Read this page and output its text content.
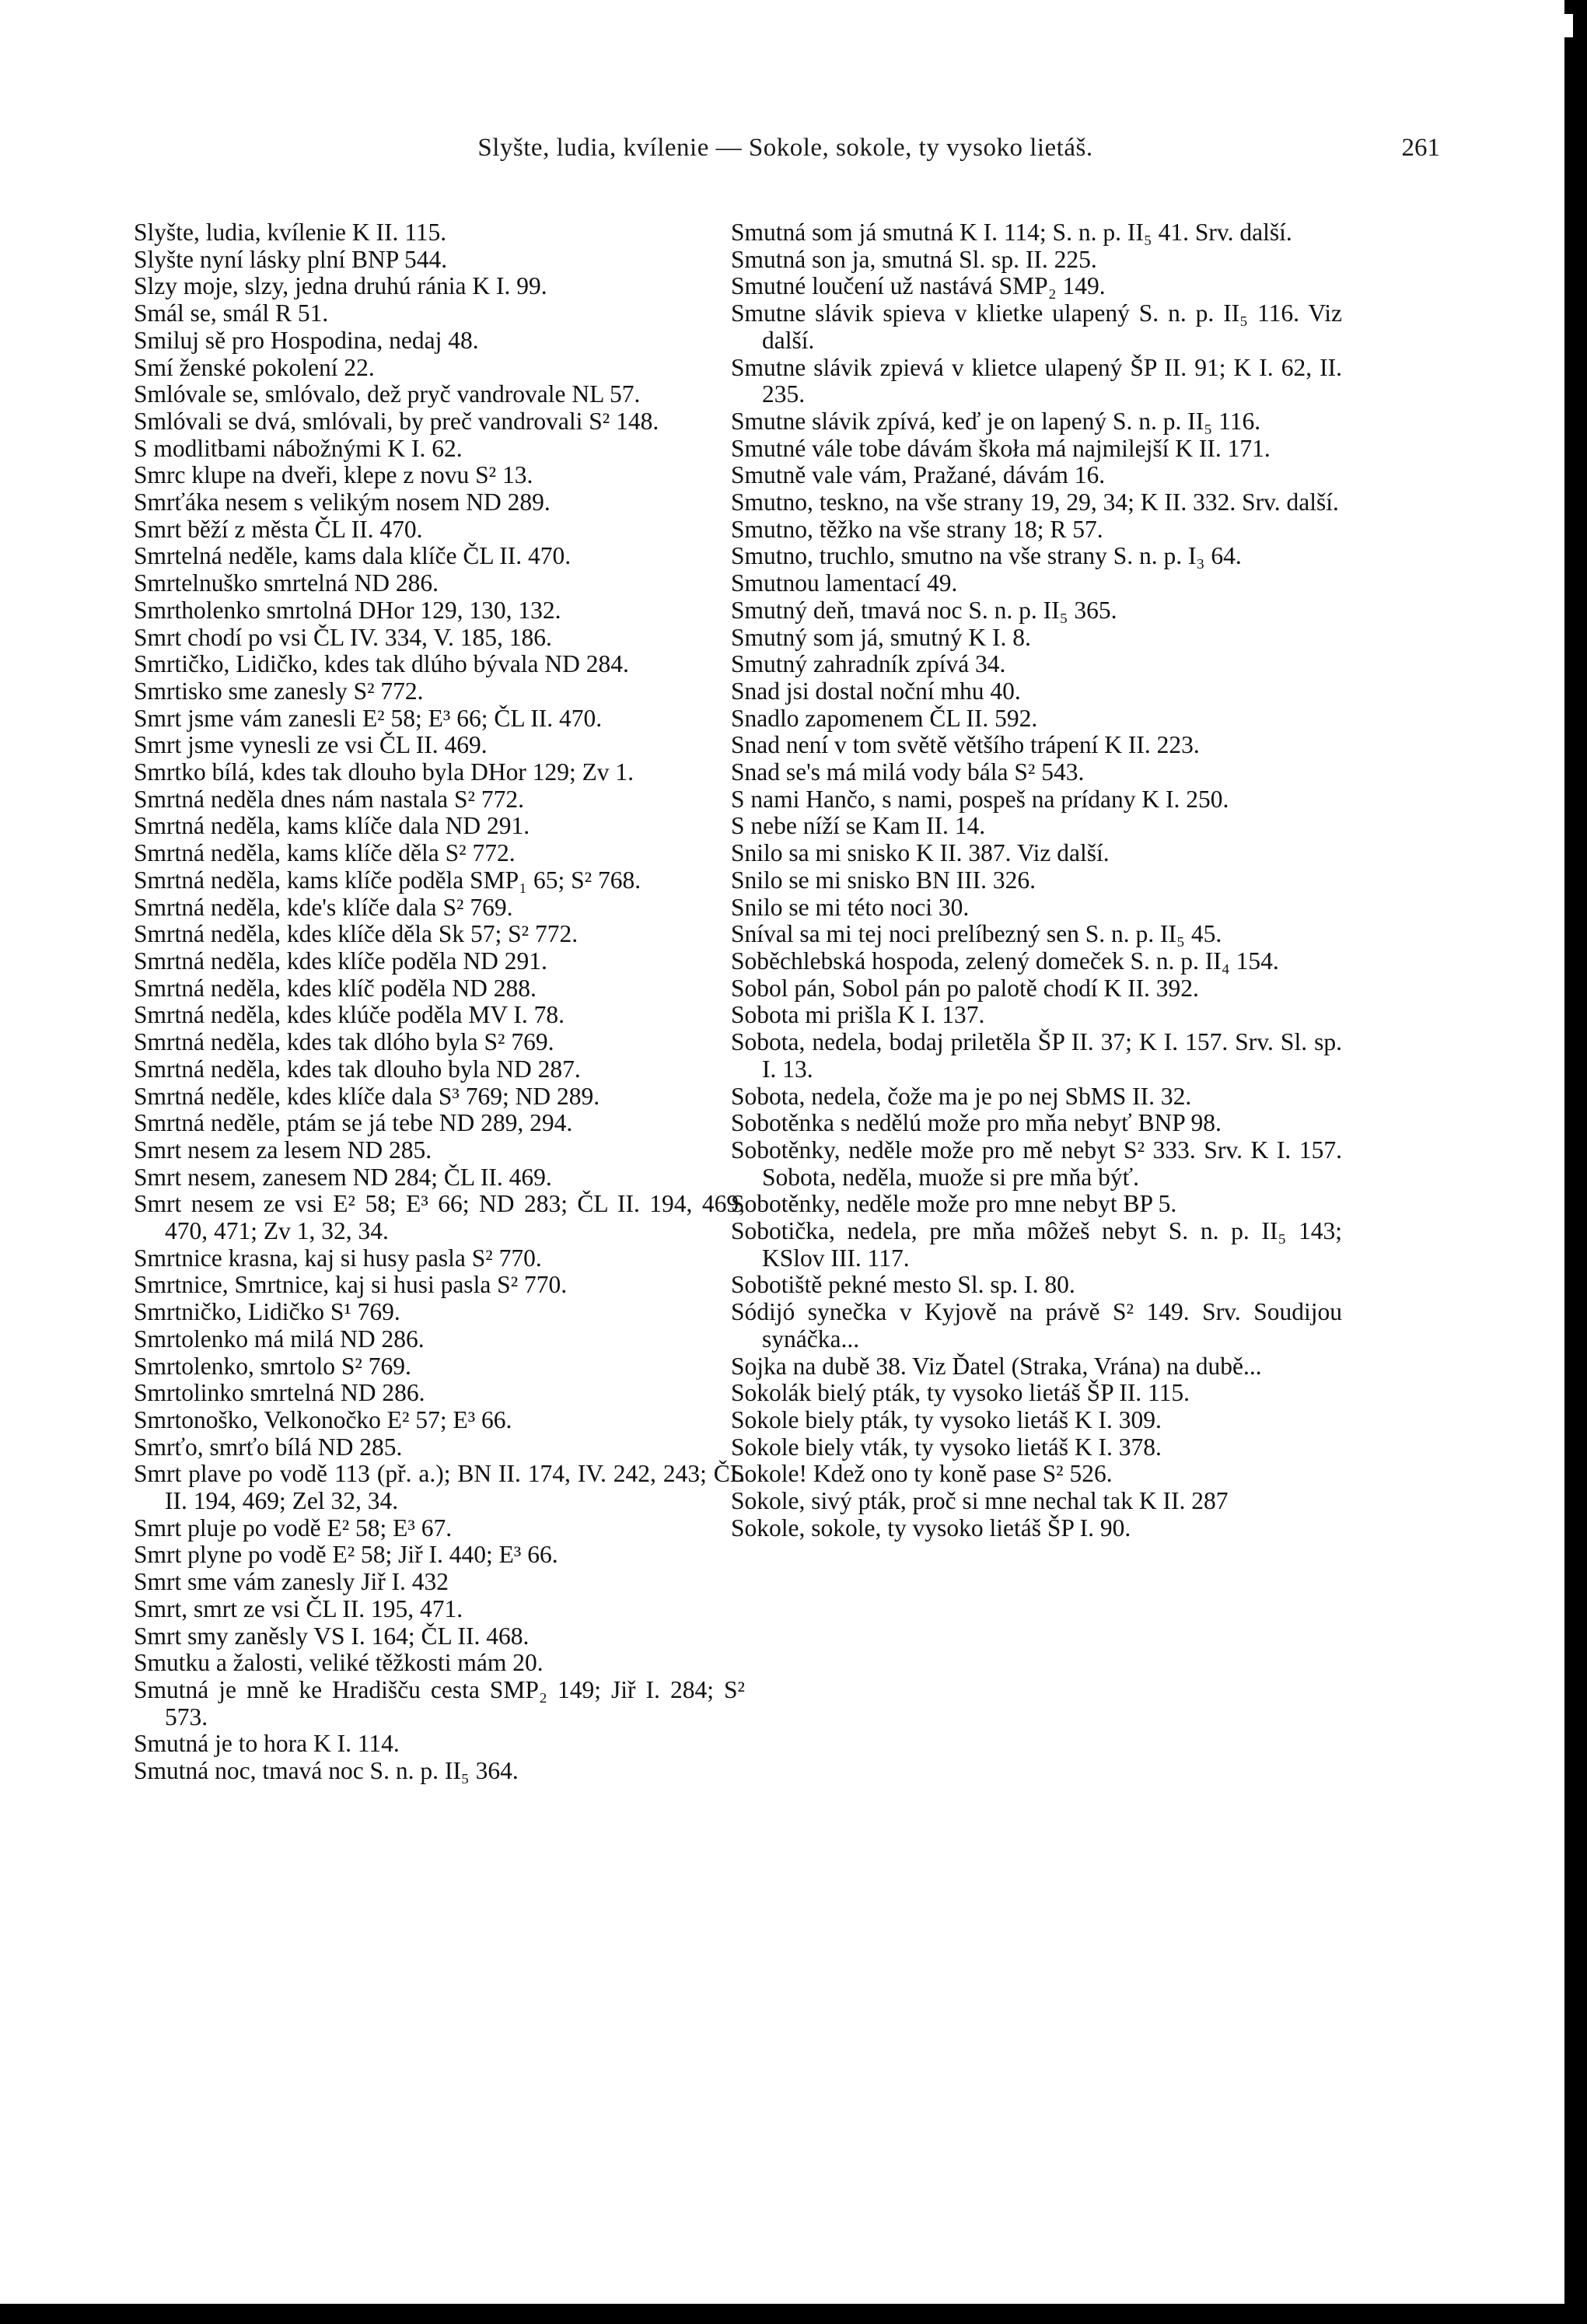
Slyšte, ludia, kvílenie — Sokole, sokole, ty vysoko lietáš.	261
Slyšte, ludia, kvílenie K II. 115.
Slyšte nyní lásky plní BNP 544.
Slzy moje, slzy, jedna druhú ránia K I. 99.
Smál se, smál R 51.
Smiluj sě pro Hospodina, nedaj 48.
Smí ženské pokolení 22.
Smlóvale se, smlóvalo, dež pryč vandrovale NL 57.
Smlóvali se dvá, smlóvali, by preč vandrovali S² 148.
S modlitbami nábožnými K I. 62.
Smrc klupe na dveři, klepe z novu S² 13.
Smrťáka nesem s velikým nosem ND 289.
Smrt běží z města ČL II. 470.
Smrtelná neděle, kams dala klíče ČL II. 470.
Smrtelnuško smrtelná ND 286.
Smrtholenko smrtolná DHor 129, 130, 132.
Smrt chodí po vsi ČL IV. 334, V. 185, 186.
Smrtičko, Lidičko, kdes tak dlúho bývala ND 284.
Smrtisko sme zanesly S² 772.
Smrt jsme vám zanesli E² 58; E³ 66; ČL II. 470.
Smrt jsme vynesli ze vsi ČL II. 469.
Smrtko bílá, kdes tak dlouho byla DHor 129; Zv 1.
Smrtná neděla dnes nám nastala S² 772.
Smrtná neděla, kams klíče dala ND 291.
Smrtná neděla, kams klíče děla S² 772.
Smrtná neděla, kams klíče poděla SMP₁ 65; S² 768.
Smrtná neděla, kde's klíče dala S² 769.
Smrtná neděla, kdes klíče děla Sk 57; S² 772.
Smrtná neděla, kdes klíče poděla ND 291.
Smrtná neděla, kdes klíč poděla ND 288.
Smrtná neděla, kdes klúče poděla MV I. 78.
Smrtná neděla, kdes tak dlóho byla S² 769.
Smrtná neděla, kdes tak dlouho byla ND 287.
Smrtná neděle, kdes klíče dala S³ 769; ND 289.
Smrtná neděle, ptám se já tebe ND 289, 294.
Smrt nesem za lesem ND 285.
Smrt nesem, zanesem ND 284; ČL II. 469.
Smrt nesem ze vsi E² 58; E³ 66; ND 283; ČL II. 194, 469, 470, 471; Zv 1, 32, 34.
Smrtnice krasna, kaj si husy pasla S² 770.
Smrtnice, Smrtnice, kaj si husi pasla S² 770.
Smrtničko, Lidičko S¹ 769.
Smrtolenko má milá ND 286.
Smrtolenko, smrtolo S² 769.
Smrtolinko smrtelná ND 286.
Smrtonoško, Velkonočko E² 57; E³ 66.
Smrťo, smrťo bílá ND 285.
Smrt plave po vodě 113 (př. a.); BN II. 174, IV. 242, 243; ČL II. 194, 469; Zel 32, 34.
Smrt pluje po vodě E² 58; E³ 67.
Smrt plyne po vodě E² 58; Jiř I. 440; E³ 66.
Smrt sme vám zanesly Jiř I. 432
Smrt, smrt ze vsi ČL II. 195, 471.
Smrt smy zaněsly VS I. 164; ČL II. 468.
Smutku a žalosti, veliké těžkosti mám 20.
Smutná je mně ke Hradišču cesta SMP₂ 149; Jiř I. 284; S² 573.
Smutná je to hora K I. 114.
Smutná noc, tmavá noc S. n. p. II₅ 364.
Smutná som já smutná K I. 114; S. n. p. II₅ 41. Srv. další.
Smutná son ja, smutná Sl. sp. II. 225.
Smutné loučení už nastává SMP₂ 149.
Smutne slávik spieva v klietke ulapený S. n. p. II₅ 116. Viz další.
Smutne slávik zpievá v klietce ulapený ŠP II. 91; K I. 62, II. 235.
Smutne slávik zpívá, keď je on lapený S. n. p. II₅ 116.
Smutné vále tobe dávám škoła má najmilejší K II. 171.
Smutně vale vám, Pražané, dávám 16.
Smutno, teskno, na vše strany 19, 29, 34; K II. 332. Srv. další.
Smutno, těžko na vše strany 18; R 57.
Smutno, truchlo, smutno na vše strany S. n. p. I₃ 64.
Smutnou lamentací 49.
Smutný deň, tmavá noc S. n. p. II₅ 365.
Smutný som já, smutný K I. 8.
Smutný zahradník zpívá 34.
Snad jsi dostal noční mhu 40.
Snadlo zapomenem ČL II. 592.
Snad není v tom světě většího trápení K II. 223.
Snad se's má milá vody bála S² 543.
S nami Hančo, s nami, pospeš na prídany K I. 250.
S nebe níží se Kam II. 14.
Snilo sa mi snisko K II. 387. Viz další.
Snilo se mi snisko BN III. 326.
Snilo se mi této noci 30.
Sníval sa mi tej noci prelíbezný sen S. n. p. II₅ 45.
Soběchlebská hospoda, zelený domeček S. n. p. II₄ 154.
Sobol pán, Sobol pán po palotě chodí K II. 392.
Sobota mi prišla K I. 137.
Sobota, nedela, bodaj priletěla ŠP II. 37; K I. 157. Srv. Sl. sp. I. 13.
Sobota, nedela, čože ma je po nej SbMS II. 32.
Sobotěnka s nedělú može pro mňa nebyť BNP 98.
Sobotěnky, neděle može pro mě nebyt S² 333. Srv. K I. 157. Sobota, neděla, muože si pre mňa býť.
Sobotěnky, neděle može pro mne nebyt BP 5.
Sobotička, nedela, pre mňa môžeš nebyt S. n. p. II₅ 143; KSlov III. 117.
Sobotiště pekné mesto Sl. sp. I. 80.
Sódijó synečka v Kyjově na právě S² 149. Srv. Soudijou synáčka...
Sojka na dubě 38. Viz Ďatel (Straka, Vrána) na dubě...
Sokolák bielý pták, ty vysoko lietáš ŠP II. 115.
Sokole biely pták, ty vysoko lietáš K I. 309.
Sokole biely vták, ty vysoko lietáš K I. 378.
Sokole! Kdež ono ty koně pase S² 526.
Sokole, sivý pták, proč si mne nechal tak K II. 287
Sokole, sokole, ty vysoko lietáš ŠP I. 90.
